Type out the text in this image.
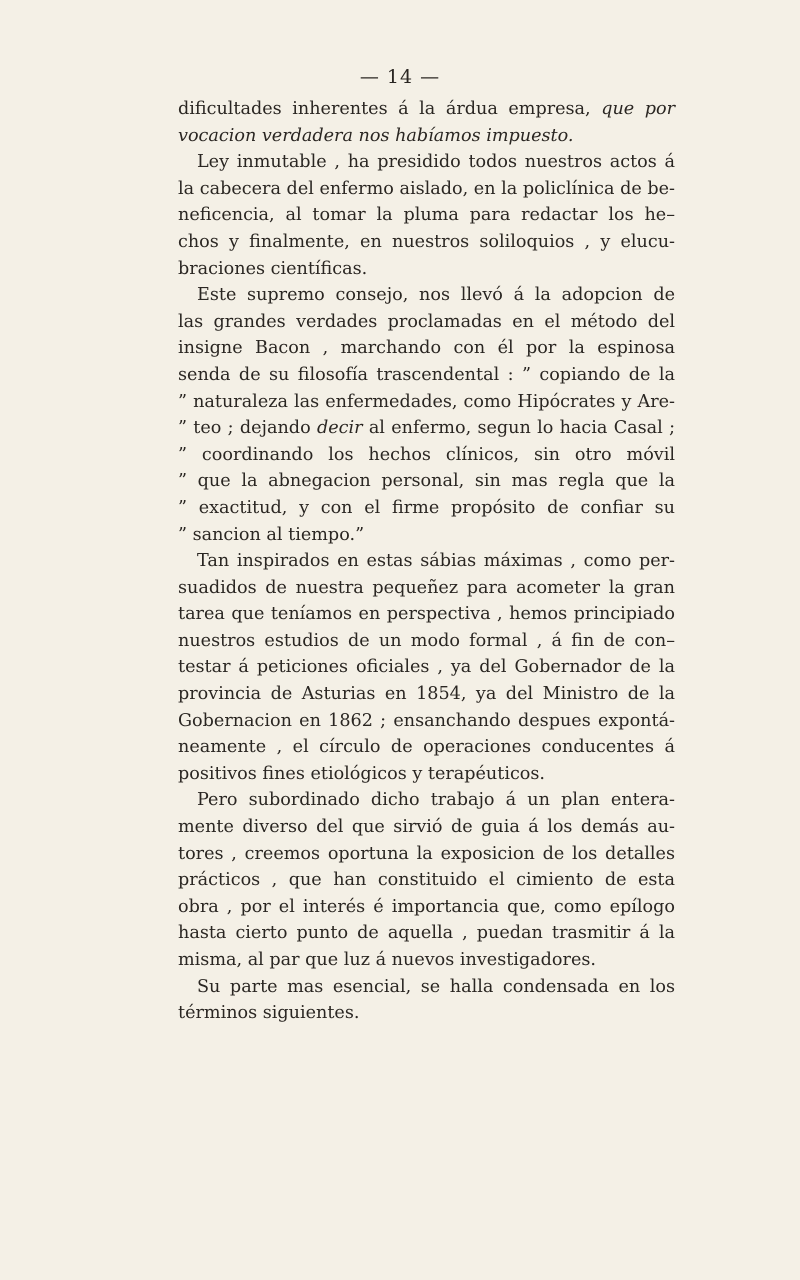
— 14 —
dificultades inherentes á la árdua empresa, que por
vocacion verdadera nos habíamos impuesto.
Ley inmutable , ha presidido todos nuestros actos á
la cabecera del enfermo aislado, en la policlínica de be-
neficencia, al tomar la pluma para redactar los he–
chos y finalmente, en nuestros soliloquios , y elucu-
braciones científicas.
Este supremo consejo, nos llevó á la adopcion de
las grandes verdades proclamadas en el método del
insigne Bacon , marchando con él por la espinosa
senda de su filosofía trascendental : ” copiando de la
” naturaleza las enfermedades, como Hipócrates y Are-
” teo ; dejando decir al enfermo, segun lo hacia Casal ;
” coordinando los hechos clínicos, sin otro móvil
” que la abnegacion personal, sin mas regla que la
” exactitud, y con el firme propósito de confiar su
” sancion al tiempo.”
Tan inspirados en estas sábias máximas , como per-
suadidos de nuestra pequeñez para acometer la gran
tarea que teníamos en perspectiva , hemos principiado
nuestros estudios de un modo formal , á fin de con–
testar á peticiones oficiales , ya del Gobernador de la
provincia de Asturias en 1854, ya del Ministro de la
Gobernacion en 1862 ; ensanchando despues expontá-
neamente , el círculo de operaciones conducentes á
positivos fines etiológicos y terapéuticos.
Pero subordinado dicho trabajo á un plan entera-
mente diverso del que sirvió de guia á los demás au-
tores , creemos oportuna la exposicion de los detalles
prácticos , que han constituido el cimiento de esta
obra , por el interés é importancia que, como epílogo
hasta cierto punto de aquella , puedan trasmitir á la
misma, al par que luz á nuevos investigadores.
Su parte mas esencial, se halla condensada en los
términos siguientes.
